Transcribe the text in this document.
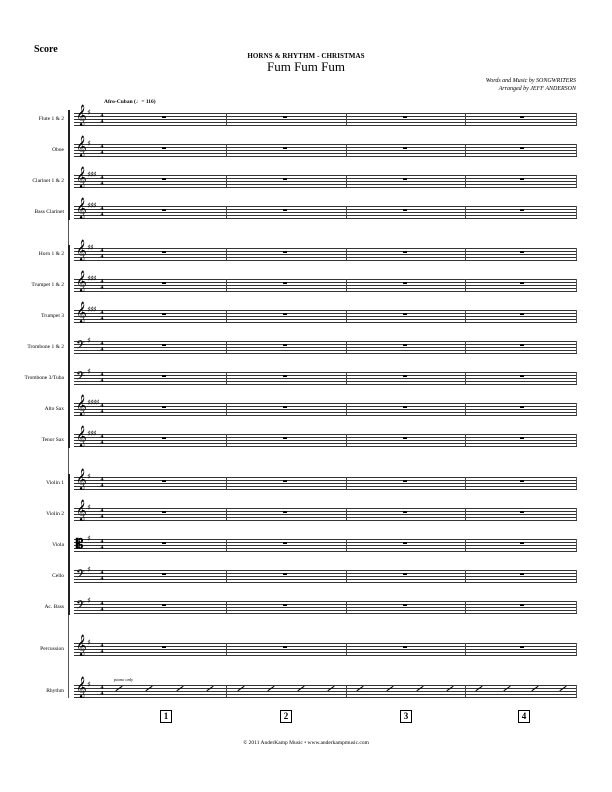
Score
HORNS & RHYTHM - CHRISTMAS
Fum Fum Fum
Words and Music by SONGWRITERS
Arranged by JEFF ANDERSON
Afro-Cuban (♩= 116)
Flute 1 & 2 𝄞 ♯ 4
4
Oboe 𝄞 ♯ 4
4
Clarinet 1 & 2 𝄞 ♯♯♯ 4
4
Bass Clarinet 𝄞 ♯♯♯ 4
4
Horn 1 & 2 𝄞 ♯♯ 4
4
Trumpet 1 & 2 𝄞 ♯♯♯ 4
4
Trumpet 3 𝄞 ♯♯♯ 4
4
Trombone 1 & 2 𝄢 ♯ 4
4
Trombone 3/Tuba 𝄢 ♯ 4
4
Alto Sax 𝄞 ♯♯♯♯ 4
4
Tenor Sax 𝄞 ♯♯♯ 4
4
Violin 1 𝄞 ♯ 4
4
Violin 2 𝄞 ♯ 4
4
Viola 𝄡 ♯ 4
4
Cello 𝄢 ♯ 4
4
Ac. Bass 𝄢 ♯ 4
4
Percussion 𝄞 ♯ 4
4
Rhythm 𝄞 ♯ 4
4
piano only
1	2	3	4
© 2011 AnderKamp Music • www.anderkampmusic.com
